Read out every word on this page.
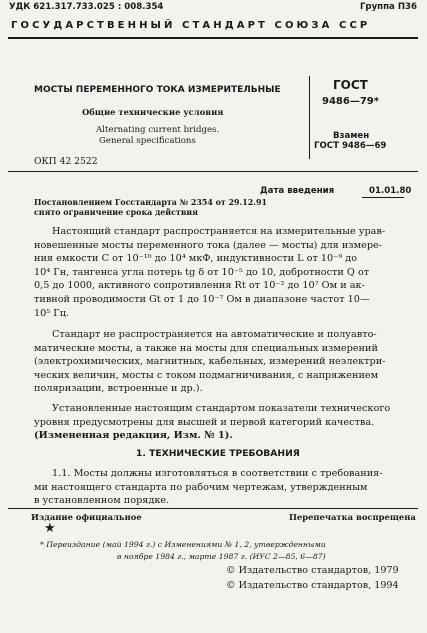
УДК 621.317.733.025 : 008.354	Группа П36
ГОСУДАРСТВЕННЫЙ СТАНДАРТ СОЮЗА ССР
МОСТЫ ПЕРЕМЕННОГО ТОКА ИЗМЕРИТЕЛЬНЫЕ
Общие технические условия
Alternating current bridges.
General specifications
ГОСТ
9486—79*
Взамен
ГОСТ 9486—69
ОКП 42 2522
Дата введения	01.01.80
Постановлением Госстандарта № 2354 от 29.12.91
снято ограничение срока действия

Настоящий стандарт распространяется на измерительные урав-

новешенные мосты переменного тока (далее — мосты) для измере-

ния емкости C от 10⁻¹⁰ до 10⁴ мкФ, индуктивности L от 10⁻⁹ до

10⁴ Гн, тангенса угла потерь tg δ от 10⁻⁵ до 10, добротности Q от

0,5 до 1000, активного сопротивления Rt от 10⁻² до 10⁷ Ом и ак-

тивной проводимости Gt от 1 до 10⁻⁷ Ом в диапазоне частот 10—

10⁵ Гц.

Стандарт не распространяется на автоматические и полуавто-

матические мосты, а также на мосты для специальных измерений

(электрохимических, магнитных, кабельных, измерений неэлектри-

ческих величин, мосты с током подмагничивания, с напряжением

поляризации, встроенные и др.).

Установленные настоящим стандартом показатели технического

уровня предусмотрены для высшей и первой категорий качества.

(Измененная редакция, Изм. № 1).

1. ТЕХНИЧЕСКИЕ ТРЕБОВАНИЯ

1.1. Мосты должны изготовляться в соответствии с требования-

ми настоящего стандарта по рабочим чертежам, утвержденным

в установленном порядке.

Издание официальное	Перепечатка воспрещена
★
* Переиздание (май 1994 г.) с Изменениями № 1, 2, утвержденными
в ноябре 1984 г., марте 1987 г. (ИУС 2—85, 6—87)
© Издательство стандартов, 1979
© Издательство стандартов, 1994
